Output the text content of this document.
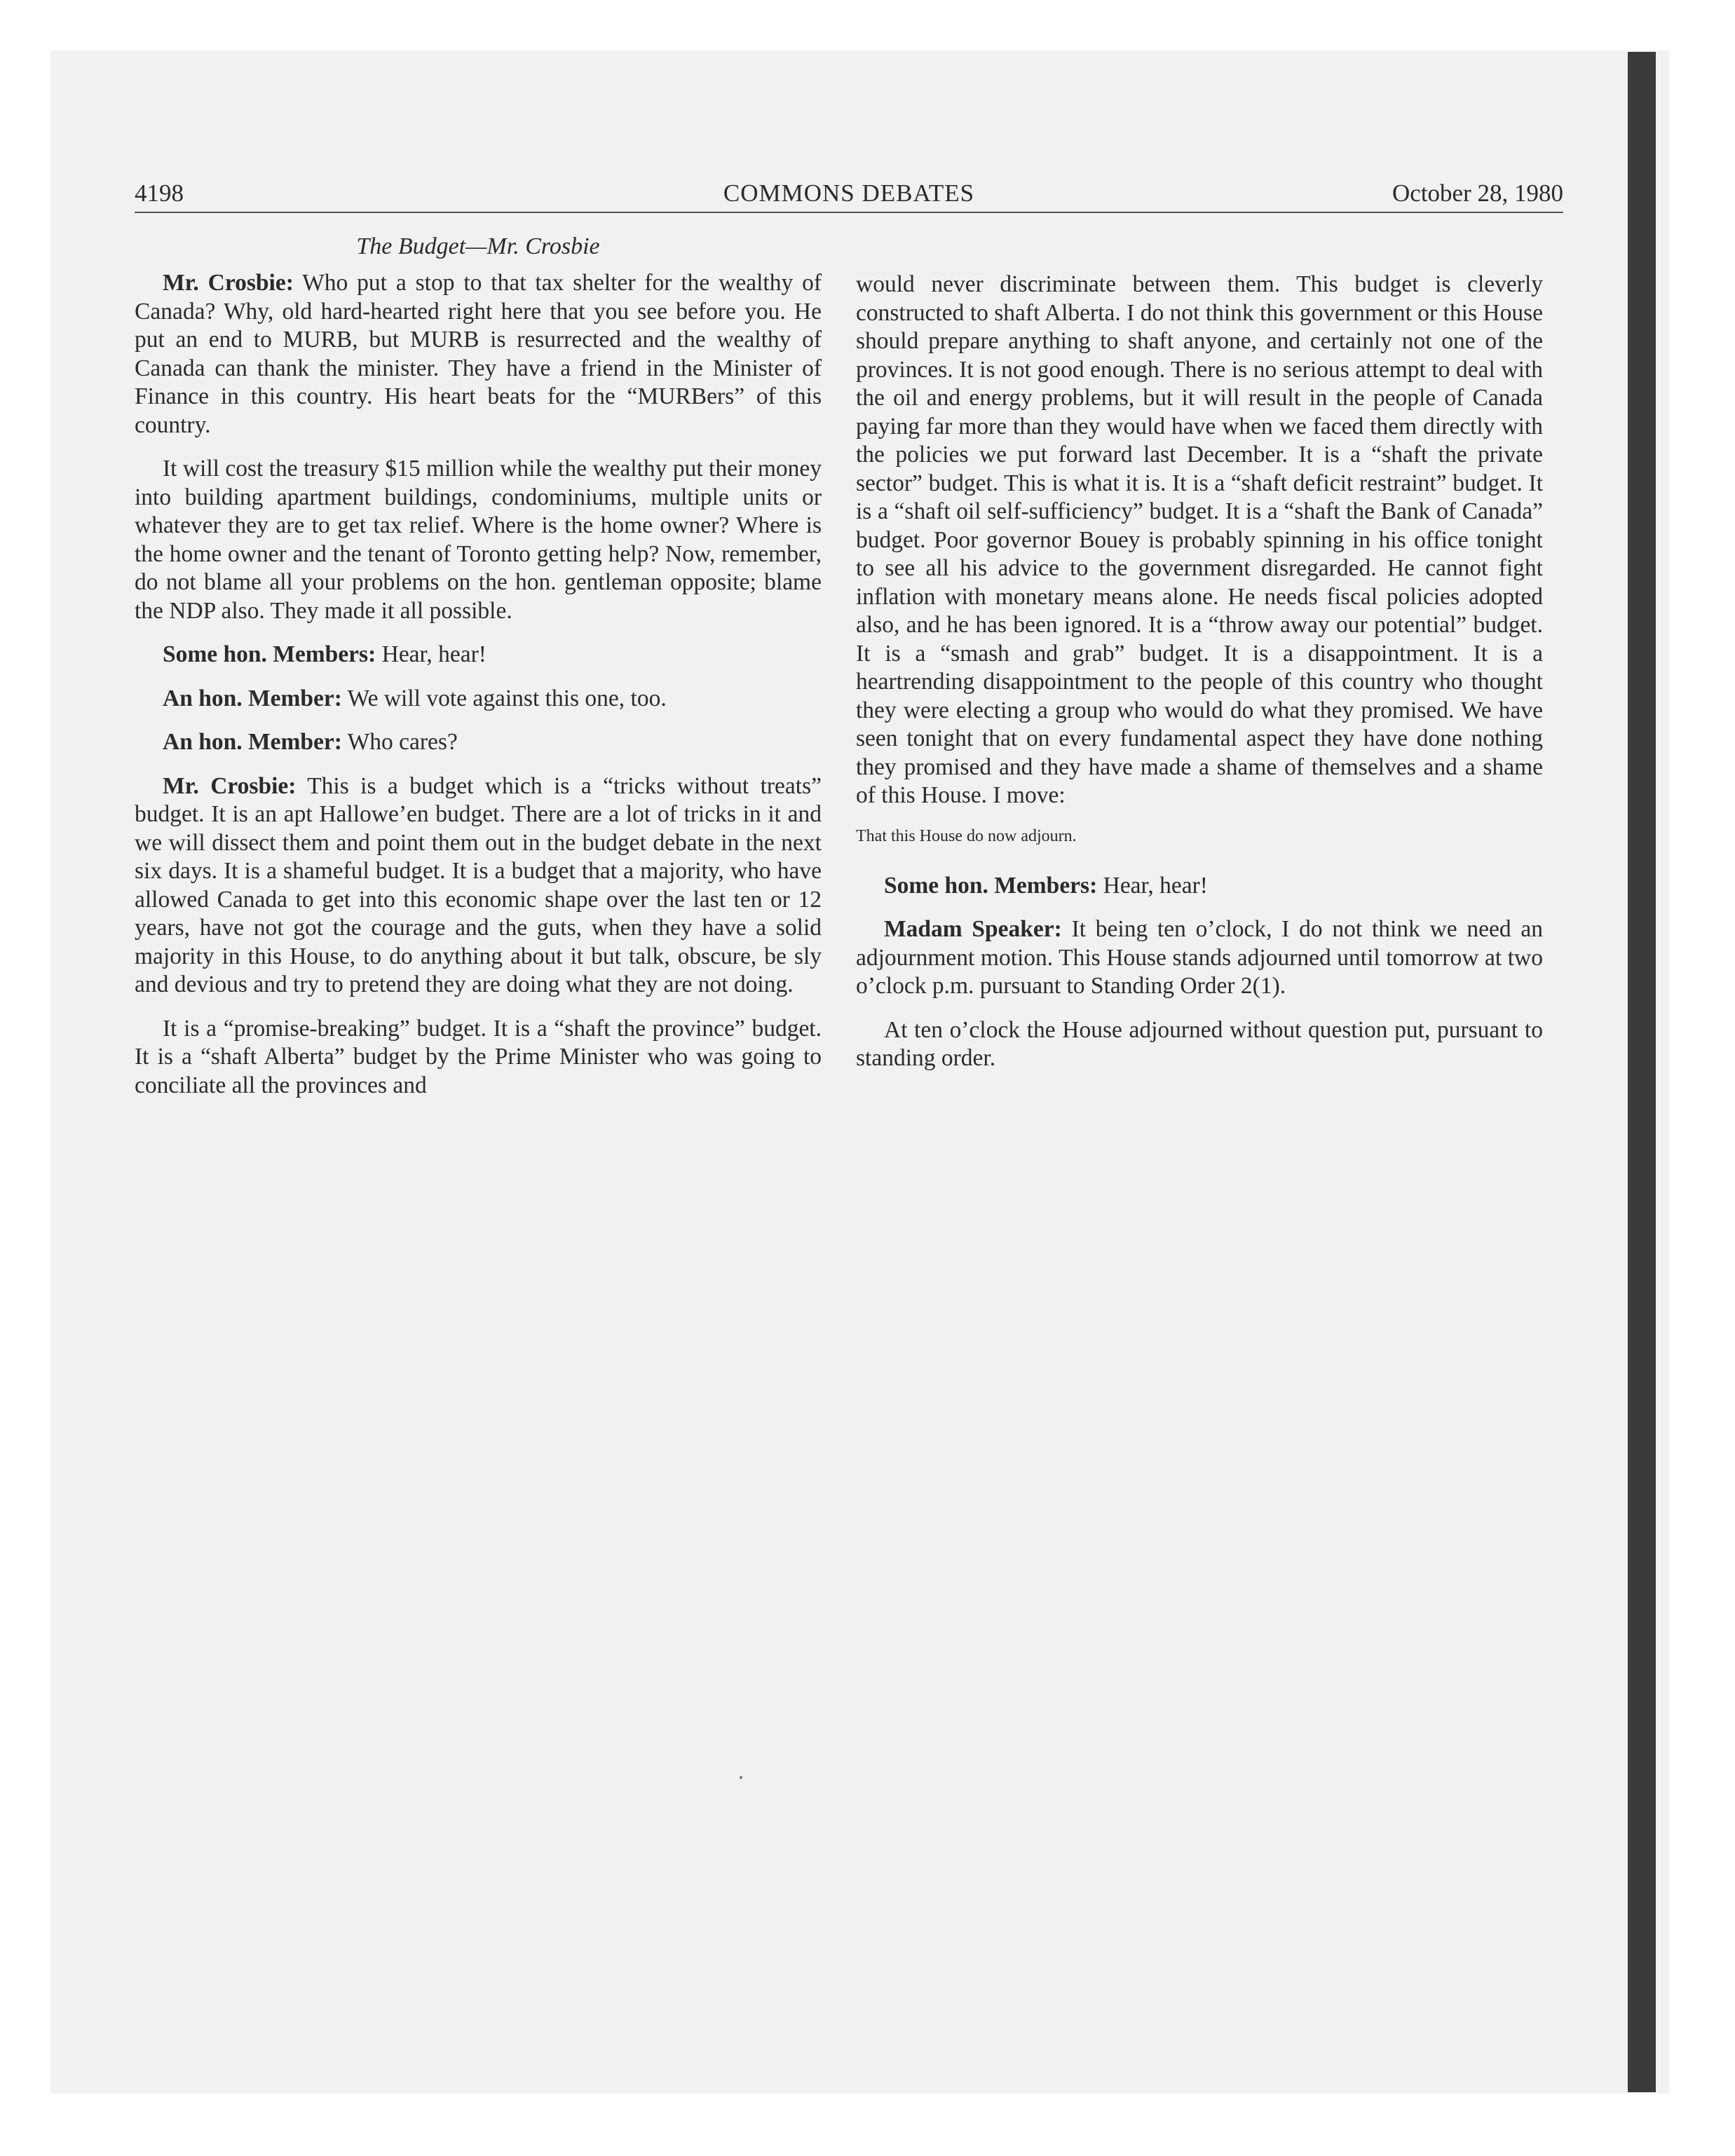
4198	COMMONS DEBATES	October 28, 1980
The Budget—Mr. Crosbie

Mr. Crosbie: Who put a stop to that tax shelter for the wealthy of Canada? Why, old hard-hearted right here that you see before you. He put an end to MURB, but MURB is resurrected and the wealthy of Canada can thank the minister. They have a friend in the Minister of Finance in this country. His heart beats for the “MURBers” of this country.

It will cost the treasury $15 million while the wealthy put their money into building apartment buildings, condominiums, multiple units or whatever they are to get tax relief. Where is the home owner? Where is the home owner and the tenant of Toronto getting help? Now, remember, do not blame all your problems on the hon. gentleman opposite; blame the NDP also. They made it all possible.

Some hon. Members: Hear, hear!

An hon. Member: We will vote against this one, too.

An hon. Member: Who cares?

Mr. Crosbie: This is a budget which is a “tricks without treats” budget. It is an apt Hallowe’en budget. There are a lot of tricks in it and we will dissect them and point them out in the budget debate in the next six days. It is a shameful budget. It is a budget that a majority, who have allowed Canada to get into this economic shape over the last ten or 12 years, have not got the courage and the guts, when they have a solid majority in this House, to do anything about it but talk, obscure, be sly and devious and try to pretend they are doing what they are not doing.

It is a “promise-breaking” budget. It is a “shaft the province” budget. It is a “shaft Alberta” budget by the Prime Minister who was going to conciliate all the provinces and

would never discriminate between them. This budget is cleverly constructed to shaft Alberta. I do not think this government or this House should prepare anything to shaft anyone, and certainly not one of the provinces. It is not good enough. There is no serious attempt to deal with the oil and energy problems, but it will result in the people of Canada paying far more than they would have when we faced them directly with the policies we put forward last December. It is a “shaft the private sector” budget. This is what it is. It is a “shaft deficit restraint” budget. It is a “shaft oil self-sufficiency” budget. It is a “shaft the Bank of Canada” budget. Poor governor Bouey is probably spinning in his office tonight to see all his advice to the government disregarded. He cannot fight inflation with monetary means alone. He needs fiscal policies adopted also, and he has been ignored. It is a “throw away our potential” budget. It is a “smash and grab” budget. It is a disappointment. It is a heartrending disappointment to the people of this country who thought they were electing a group who would do what they promised. We have seen tonight that on every fundamental aspect they have done nothing they promised and they have made a shame of themselves and a shame of this House. I move:

That this House do now adjourn.

Some hon. Members: Hear, hear!

Madam Speaker: It being ten o’clock, I do not think we need an adjournment motion. This House stands adjourned until tomorrow at two o’clock p.m. pursuant to Standing Order 2(1).

At ten o’clock the House adjourned without question put, pursuant to standing order.
